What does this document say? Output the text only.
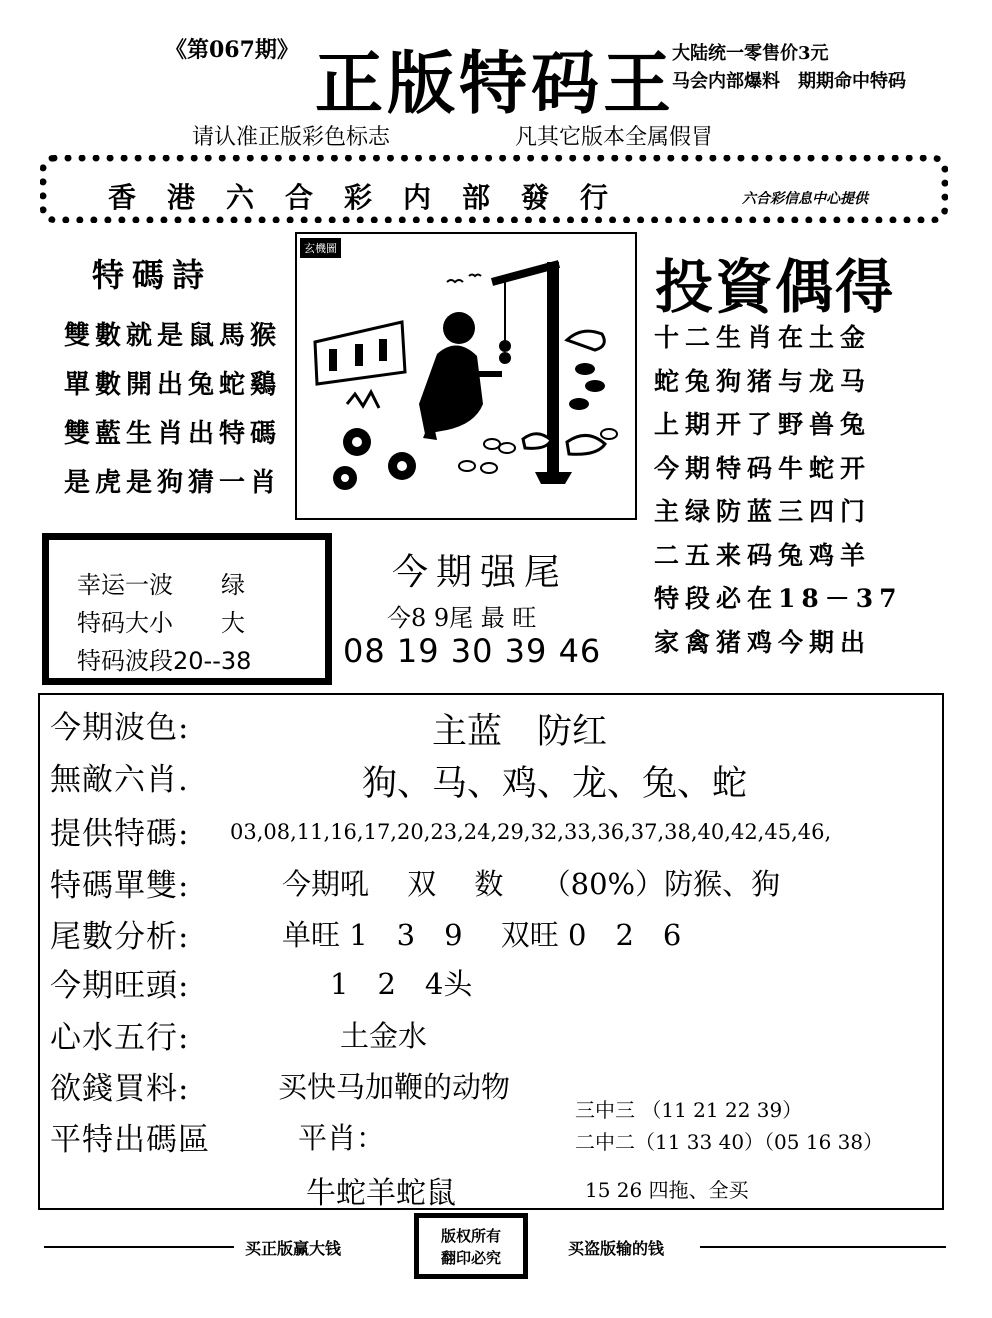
《第067期》 正版特码王
大陆统一零售价3元
马会内部爆料　期期命中特码
请认准正版彩色标志	凡其它版本全属假冒
香港六合彩内部發行	六合彩信息中心提供
特碼詩
雙數就是鼠馬猴
單數開出兔蛇鷄
雙藍生肖出特碼
是虎是狗猜一肖
玄機圖
投資偶得
十二生肖在土金
蛇兔狗猪与龙马
上期开了野兽兔
今期特码牛蛇开
主绿防蓝三四门
二五来码兔鸡羊
特段必在18－37
家禽猪鸡今期出
幸运一波　　绿
特码大小　　大
特码波段20--38
今期强尾
今8 9尾 最 旺
08 19 30 39 46
今期波色:	主蓝　防红
無敵六肖.	狗、马、鸡、龙、兔、蛇
提供特碼: 03,08,11,16,17,20,23,24,29,32,33,36,37,38,40,42,45,46,
特碼單雙:	今期吼　 双　 数　 （80%）防猴、狗
尾數分析:	单旺 1　3　9　 双旺 0　2　6
今期旺頭:	1　2　4头
心水五行:	土金水
欲錢買料:	买快马加鞭的动物
平特出碼區	平肖：
牛蛇羊蛇鼠
三中三 （11 21 22 39）
二中二（11 33 40）（05 16 38）
15 26 四拖、全买
买正版赢大钱
版权所有
翻印必究	买盗版输的钱
